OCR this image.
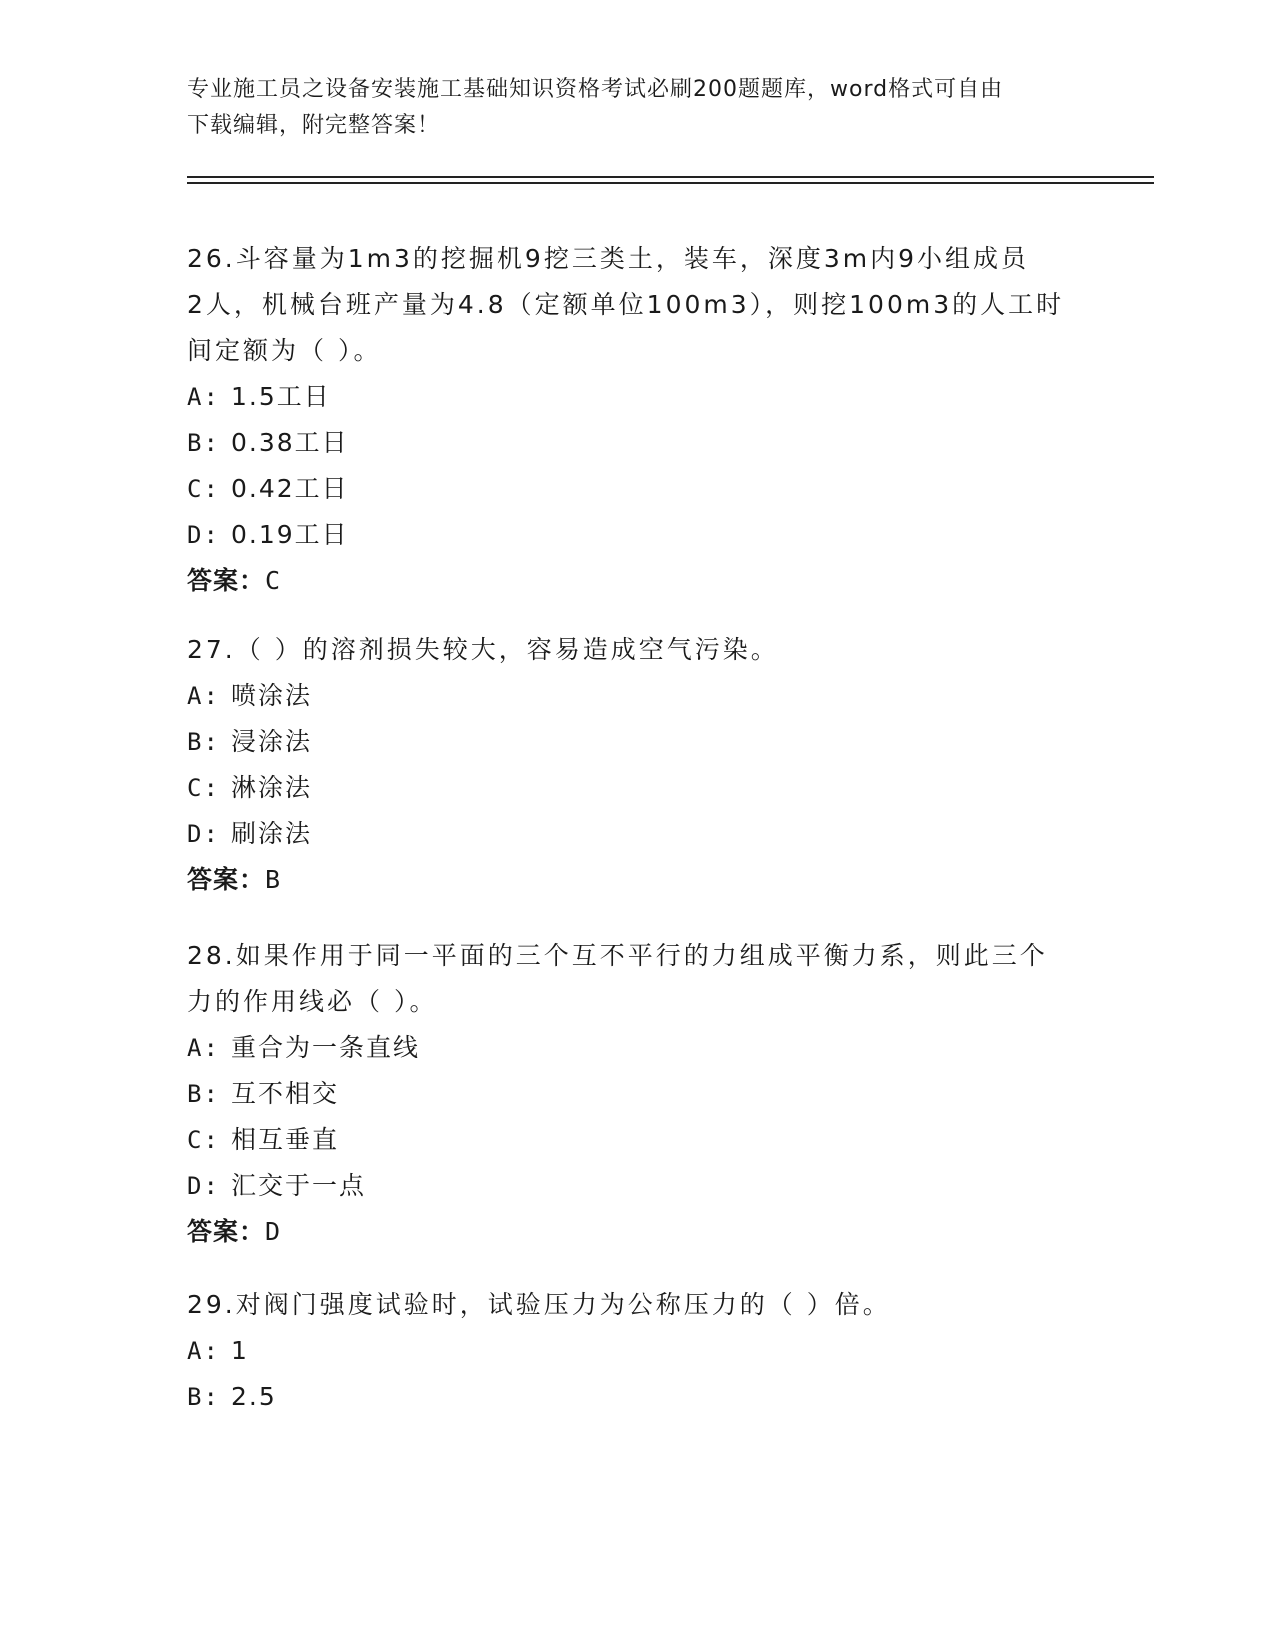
专业施工员之设备安装施工基础知识资格考试必刷200题题库，word格式可自由
下载编辑，附完整答案！
26.斗容量为1m3的挖掘机9挖三类土，装车，深度3m内9小组成员
2人，机械台班产量为4.8（定额单位100m3），则挖100m3的人工时
间定额为（ ）。
A: 1.5工日
B: 0.38工日
C: 0.42工日
D: 0.19工日
答案：C
27.（ ）的溶剂损失较大，容易造成空气污染。
A: 喷涂法
B: 浸涂法
C: 淋涂法
D: 刷涂法
答案：B
28.如果作用于同一平面的三个互不平行的力组成平衡力系，则此三个
力的作用线必（ ）。
A: 重合为一条直线
B: 互不相交
C: 相互垂直
D: 汇交于一点
答案：D
29.对阀门强度试验时，试验压力为公称压力的（ ）倍。
A: 1
B: 2.5
